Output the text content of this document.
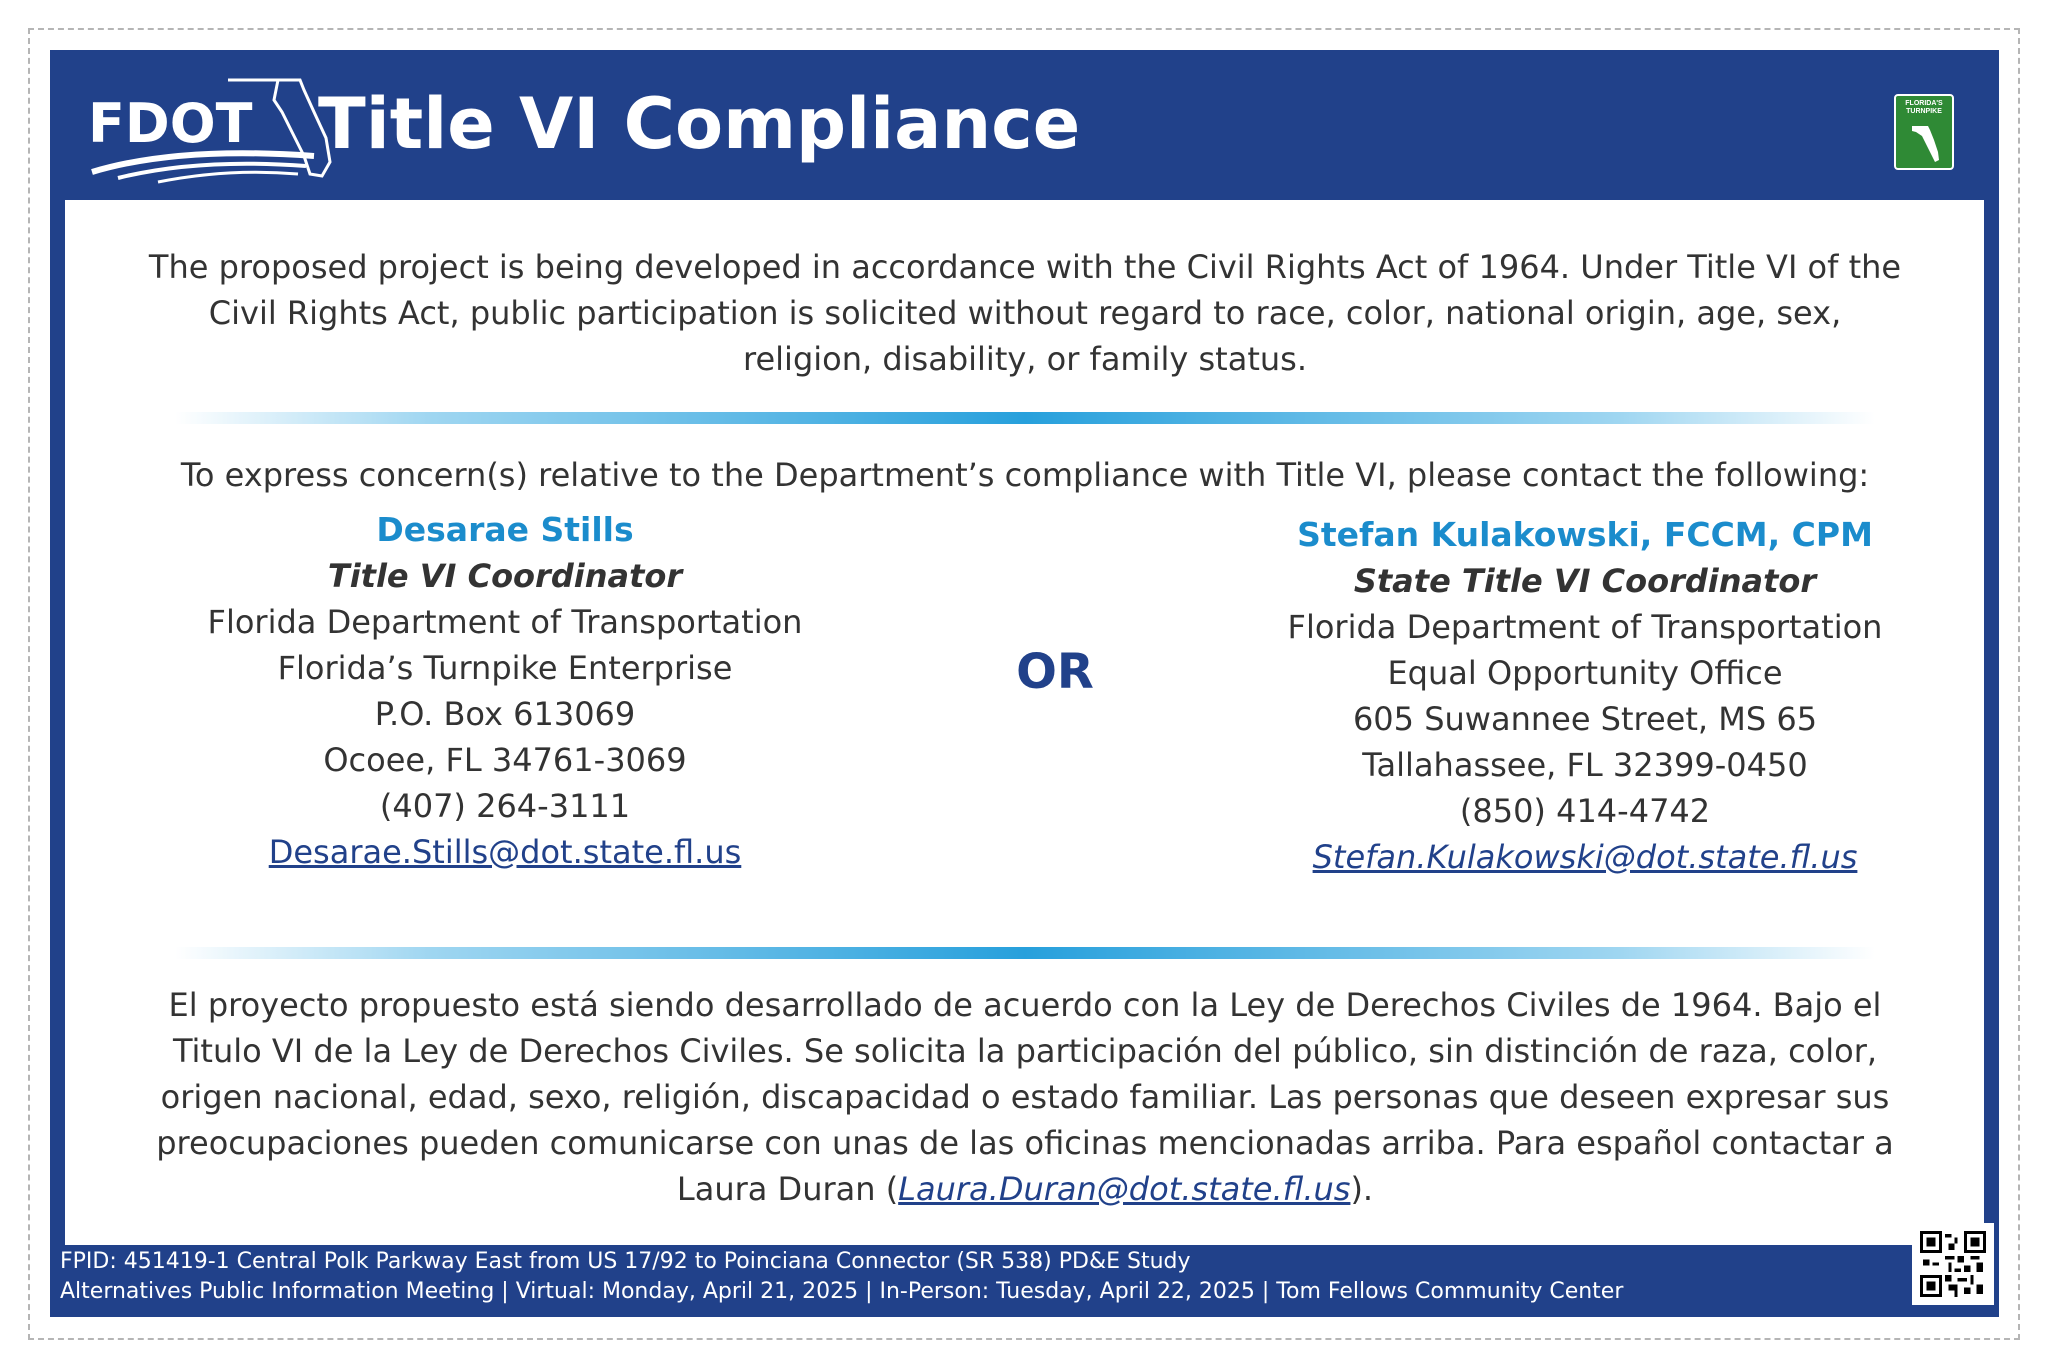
FDOT Title VI Compliance	FLORIDA'S
TURNPIKE

The proposed project is being developed in accordance with the Civil Rights Act of 1964. Under Title VI of the Civil Rights Act, public participation is solicited without regard to race, color, national origin, age, sex, religion, disability, or family status.

To express concern(s) relative to the Department’s compliance with Title VI, please contact the following:

Desarae Stills
Title VI Coordinator
Florida Department of Transportation
Florida’s Turnpike Enterprise
P.O. Box 613069
Ocoee, FL 34761-3069
(407) 264-3111
Desarae.Stills@dot.state.fl.us
OR
Stefan Kulakowski, FCCM, CPM
State Title VI Coordinator
Florida Department of Transportation
Equal Opportunity Office
605 Suwannee Street, MS 65
Tallahassee, FL 32399-0450
(850) 414-4742
Stefan.Kulakowski@dot.state.fl.us

El proyecto propuesto está siendo desarrollado de acuerdo con la Ley de Derechos Civiles de 1964. Bajo el Titulo VI de la Ley de Derechos Civiles. Se solicita la participación del público, sin distinción de raza, color, origen nacional, edad, sexo, religión, discapacidad o estado familiar. Las personas que deseen expresar sus preocupaciones pueden comunicarse con unas de las oficinas mencionadas arriba. Para español contactar a Laura Duran (Laura.Duran@dot.state.fl.us).

FPID: 451419-1 Central Polk Parkway East from US 17/92 to Poinciana Connector (SR 538) PD&E Study
Alternatives Public Information Meeting | Virtual: Monday, April 21, 2025 | In-Person: Tuesday, April 22, 2025 | Tom Fellows Community Center
